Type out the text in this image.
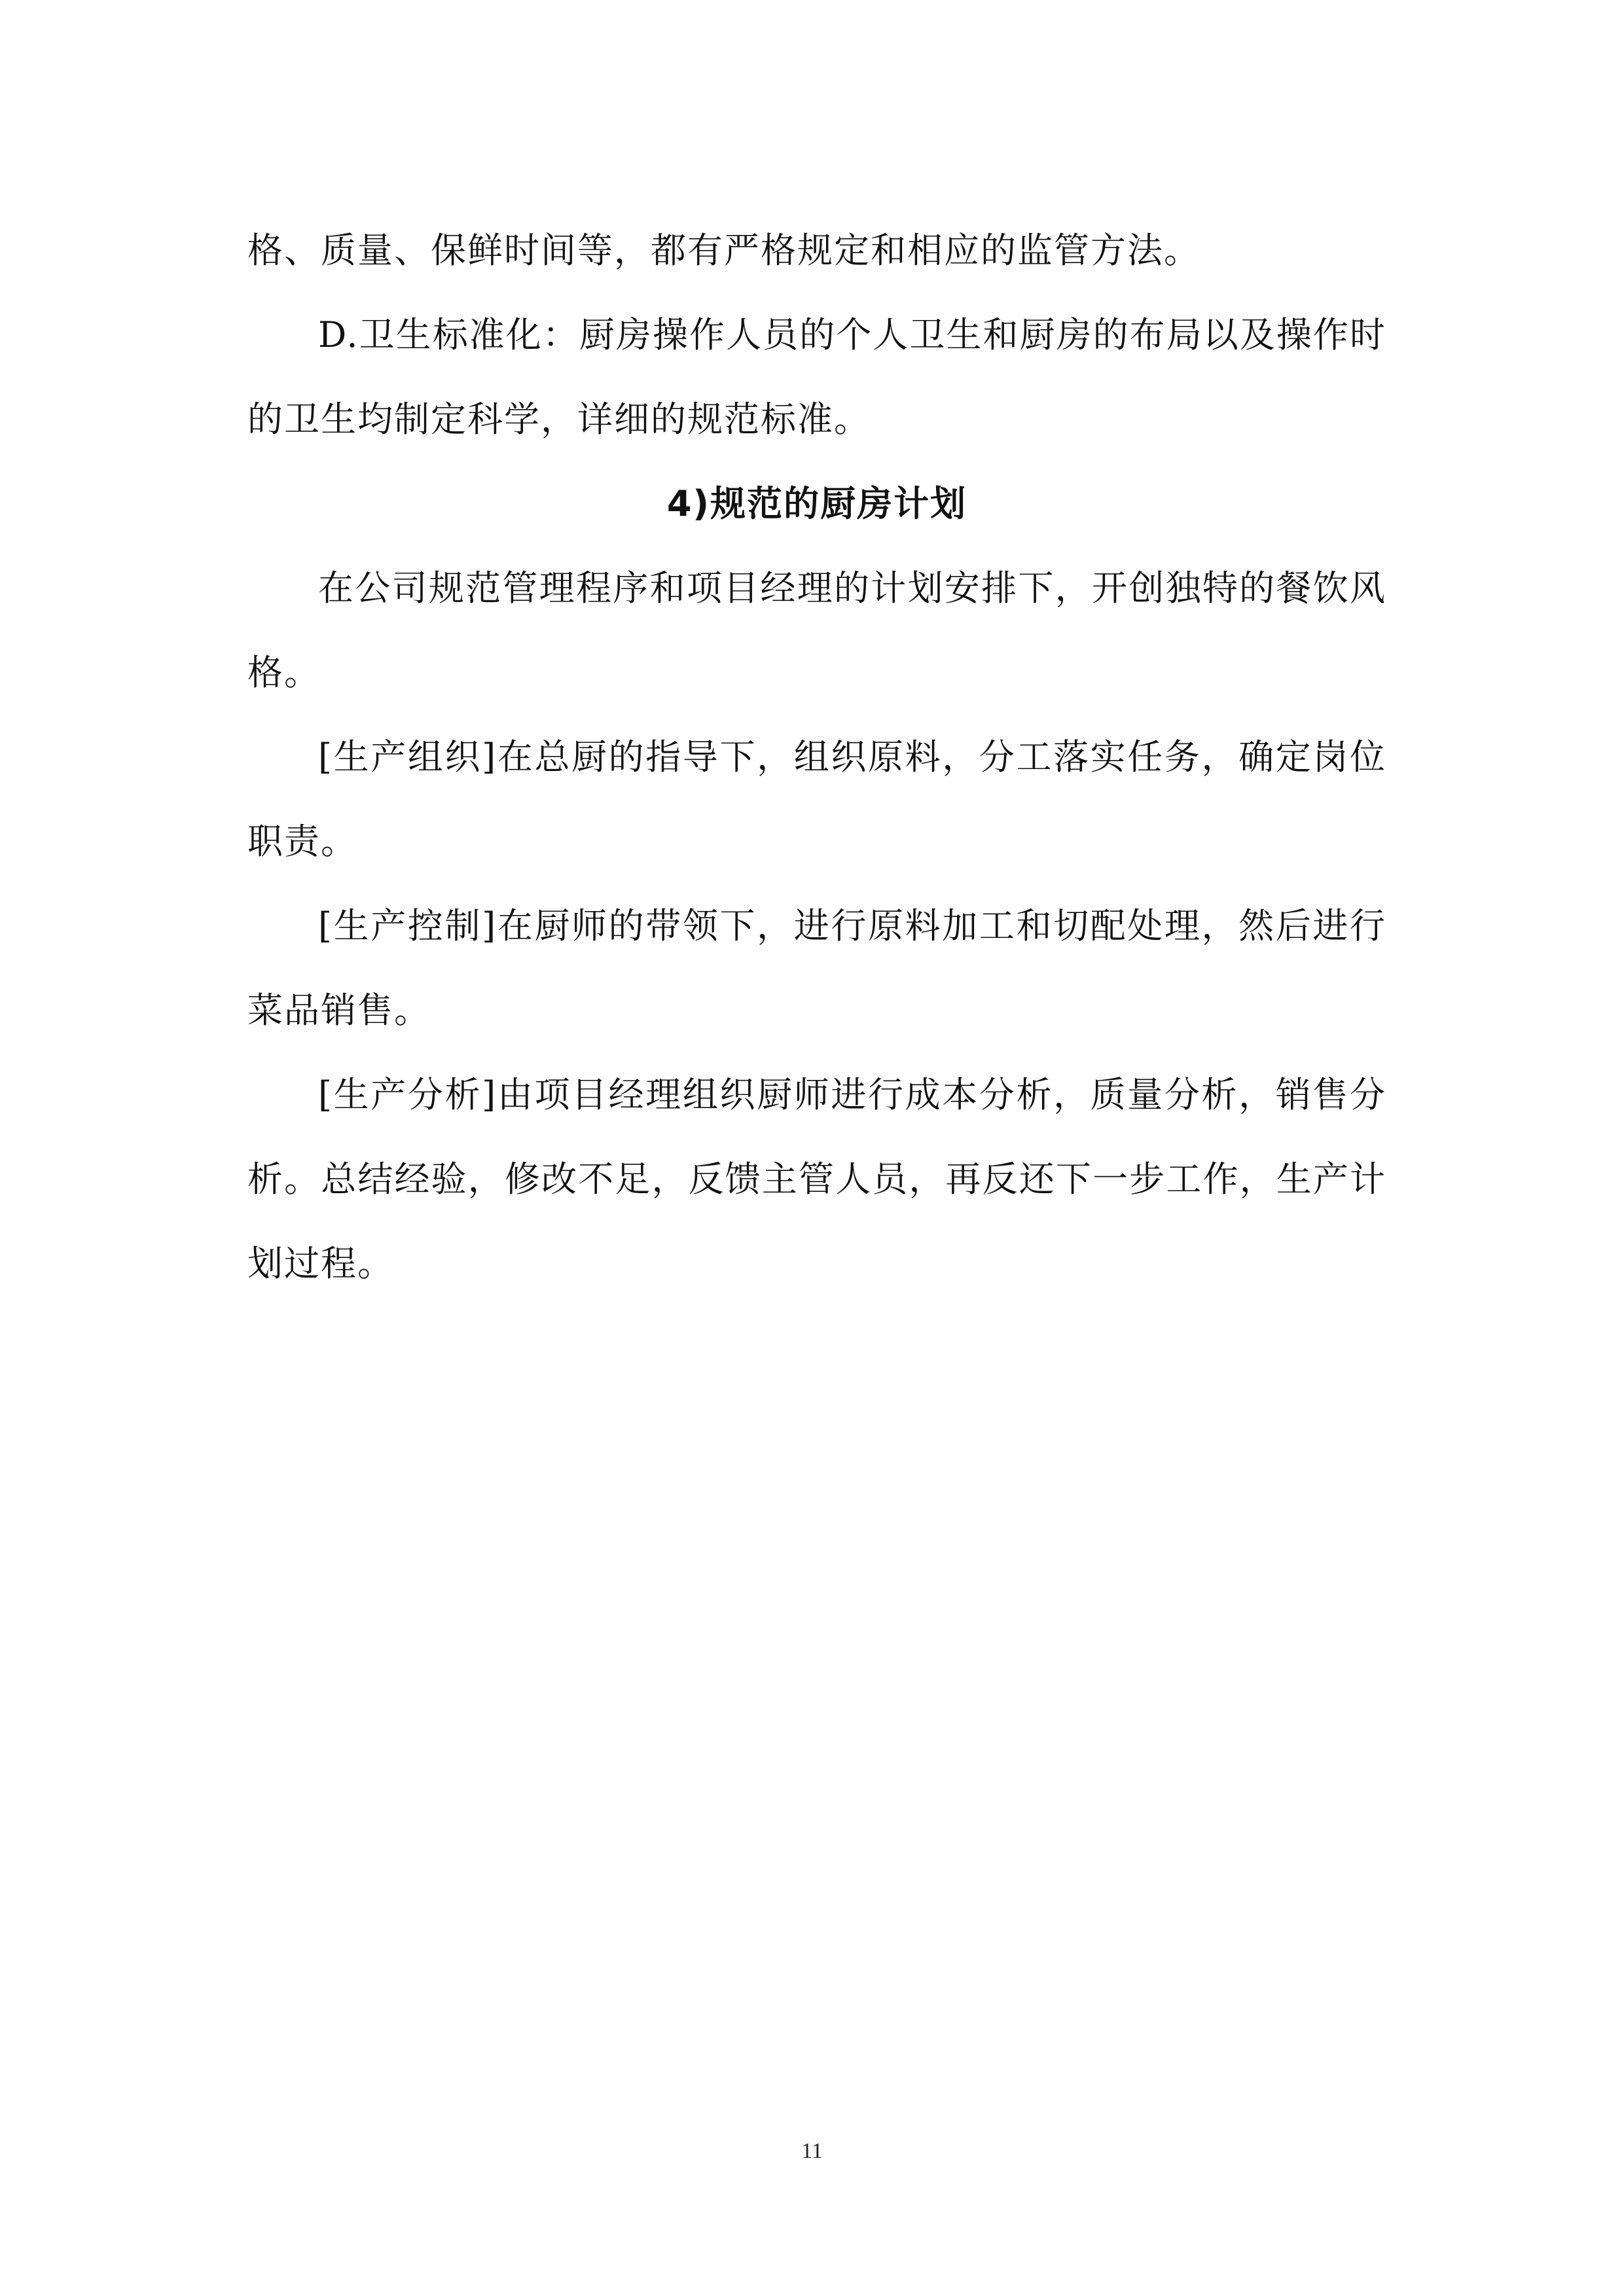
格、质量、保鲜时间等，都有严格规定和相应的监管方法。

D.卫生标准化：厨房操作人员的个人卫生和厨房的布局以及操作时的卫生均制定科学，详细的规范标准。

4)规范的厨房计划

在公司规范管理程序和项目经理的计划安排下，开创独特的餐饮风格。

[生产组织]在总厨的指导下，组织原料，分工落实任务，确定岗位职责。

[生产控制]在厨师的带领下，进行原料加工和切配处理，然后进行菜品销售。

[生产分析]由项目经理组织厨师进行成本分析，质量分析，销售分析。总结经验，修改不足，反馈主管人员，再反还下一步工作，生产计划过程。

11
